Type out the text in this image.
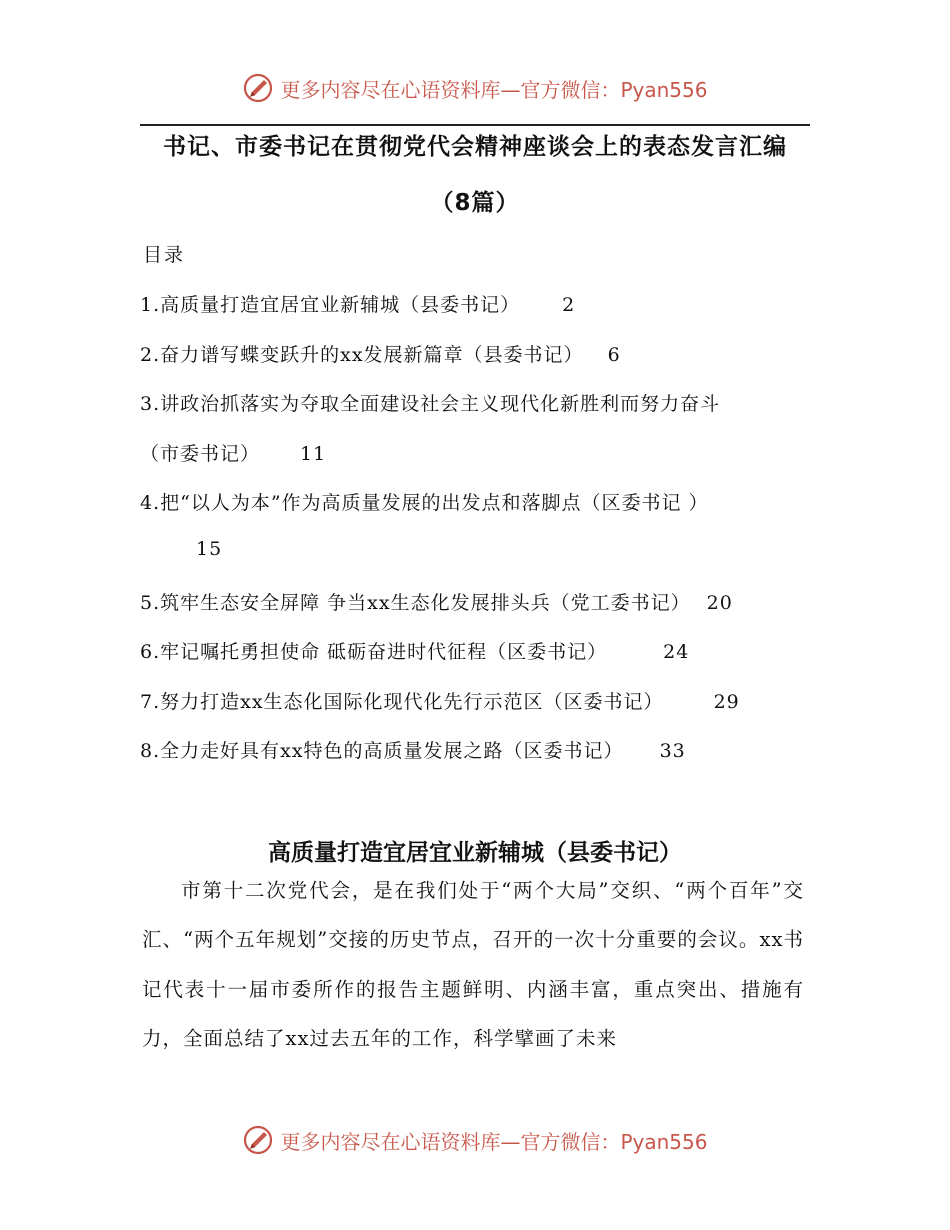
更多内容尽在心语资料库—官方微信：Pyan556
书记、市委书记在贯彻党代会精神座谈会上的表态发言汇编
（8篇）
目录
1.高质量打造宜居宜业新辅城（县委书记） 2
2.奋力谱写蝶变跃升的xx发展新篇章（县委书记） 6
3.讲政治抓落实为夺取全面建设社会主义现代化新胜利而努力奋斗
（市委书记） 11
4.把“以人为本”作为高质量发展的出发点和落脚点（区委书记 ）
15
5.筑牢生态安全屏障 争当xx生态化发展排头兵（党工委书记） 20
6.牢记嘱托勇担使命 砥砺奋进时代征程（区委书记）	24
7.努力打造xx生态化国际化现代化先行示范区（区委书记）	29
8.全力走好具有xx特色的高质量发展之路（区委书记） 33
高质量打造宜居宜业新辅城（县委书记）
市第十二次党代会，是在我们处于“两个大局”交织、“两个百年”交汇、“两个五年规划”交接的历史节点，召开的一次十分重要的会议。xx书记代表十一届市委所作的报告主题鲜明、内涵丰富，重点突出、措施有力，全面总结了xx过去五年的工作，科学擘画了未来
更多内容尽在心语资料库—官方微信：Pyan556
